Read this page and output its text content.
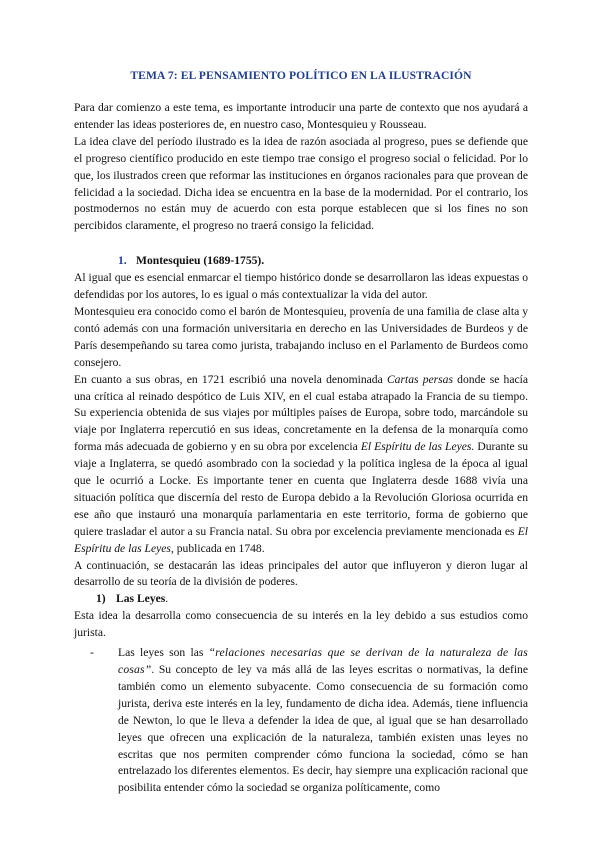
TEMA 7: EL PENSAMIENTO POLÍTICO EN LA ILUSTRACIÓN

Para dar comienzo a este tema, es importante introducir una parte de contexto que nos ayudará a entender las ideas posteriores de, en nuestro caso, Montesquieu y Rousseau.

La idea clave del período ilustrado es la idea de razón asociada al progreso, pues se defiende que el progreso científico producido en este tiempo trae consigo el progreso social o felicidad. Por lo que, los ilustrados creen que reformar las instituciones en órganos racionales para que provean de felicidad a la sociedad. Dicha idea se encuentra en la base de la modernidad. Por el contrario, los postmodernos no están muy de acuerdo con esta porque establecen que si los fines no son percibidos claramente, el progreso no traerá consigo la felicidad.

1. Montesquieu (1689-1755).

Al igual que es esencial enmarcar el tiempo histórico donde se desarrollaron las ideas expuestas o defendidas por los autores, lo es igual o más contextualizar la vida del autor.

Montesquieu era conocido como el barón de Montesquieu, provenía de una familia de clase alta y contó además con una formación universitaria en derecho en las Universidades de Burdeos y de París desempeñando su tarea como jurista, trabajando incluso en el Parlamento de Burdeos como consejero.

En cuanto a sus obras, en 1721 escribió una novela denominada Cartas persas donde se hacía una crítica al reinado despótico de Luis XIV, en el cual estaba atrapado la Francia de su tiempo. Su experiencia obtenida de sus viajes por múltiples países de Europa, sobre todo, marcándole su viaje por Inglaterra repercutió en sus ideas, concretamente en la defensa de la monarquía como forma más adecuada de gobierno y en su obra por excelencia El Espíritu de las Leyes. Durante su viaje a Inglaterra, se quedó asombrado con la sociedad y la política inglesa de la época al igual que le ocurrió a Locke. Es importante tener en cuenta que Inglaterra desde 1688 vivía una situación política que discernía del resto de Europa debido a la Revolución Gloriosa ocurrida en ese año que instauró una monarquía parlamentaria en este territorio, forma de gobierno que quiere trasladar el autor a su Francia natal. Su obra por excelencia previamente mencionada es El Espíritu de las Leyes, publicada en 1748.

A continuación, se destacarán las ideas principales del autor que influyeron y dieron lugar al desarrollo de su teoría de la división de poderes.

1) Las Leyes.

Esta idea la desarrolla como consecuencia de su interés en la ley debido a sus estudios como jurista.

- Las leyes son las “relaciones necesarias que se derivan de la naturaleza de las cosas”. Su concepto de ley va más allá de las leyes escritas o normativas, la define también como un elemento subyacente. Como consecuencia de su formación como jurista, deriva este interés en la ley, fundamento de dicha idea. Además, tiene influencia de Newton, lo que le lleva a defender la idea de que, al igual que se han desarrollado leyes que ofrecen una explicación de la naturaleza, también existen unas leyes no escritas que nos permiten comprender cómo funciona la sociedad, cómo se han entrelazado los diferentes elementos. Es decir, hay siempre una explicación racional que posibilita entender cómo la sociedad se organiza políticamente, como
